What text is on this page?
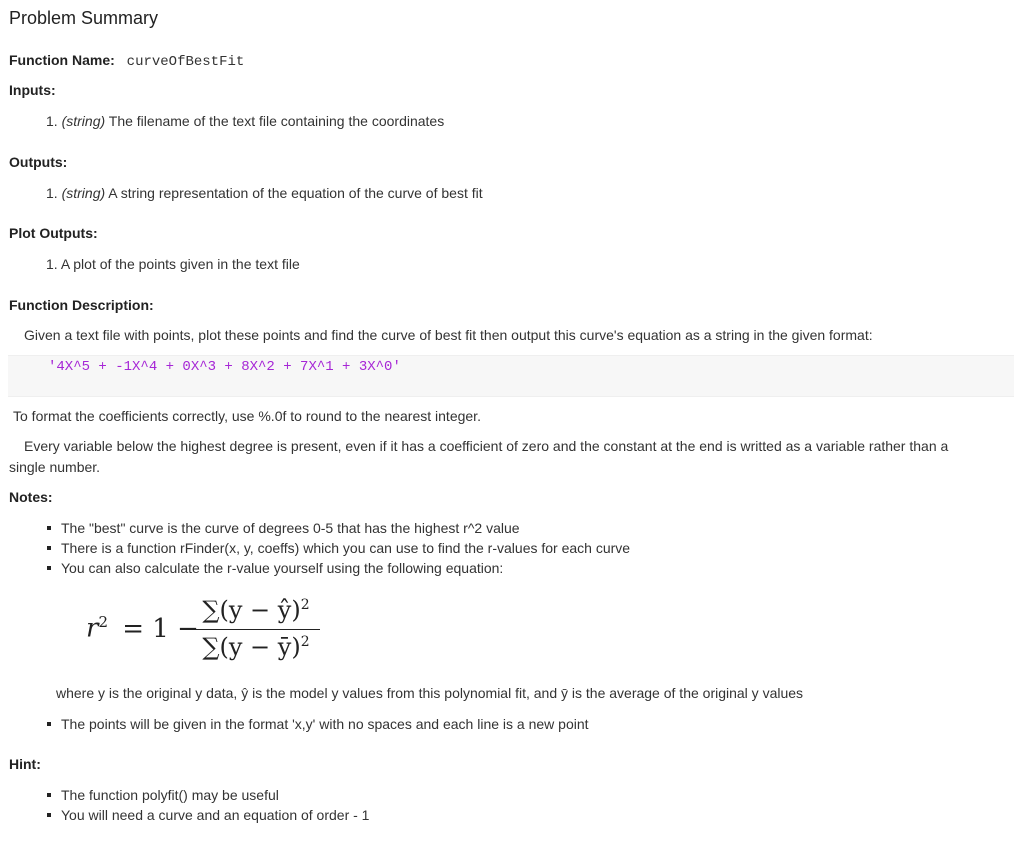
Problem Summary
Function Name: curveOfBestFit
Inputs:
1. (string) The filename of the text file containing the coordinates
Outputs:
1. (string) A string representation of the equation of the curve of best fit
Plot Outputs:
1. A plot of the points given in the text file
Function Description:
Given a text file with points, plot these points and find the curve of best fit then output this curve's equation as a string in the given format:
'4X^5 + -1X^4 + 0X^3 + 8X^2 + 7X^1 + 3X^0'
To format the coefficients correctly, use %.0f to round to the nearest integer.
Every variable below the highest degree is present, even if it has a coefficient of zero and the constant at the end is writted as a variable rather than a
single number.
Notes:
The "best" curve is the curve of degrees 0-5 that has the highest r^2 value
There is a function rFinder(x, y, coeffs) which you can use to find the r-values for each curve
You can also calculate the r-value yourself using the following equation:
$r^2 = 1$ −
∑(y − ŷ)$^2$
∑(y − ȳ)$^2$
where y is the original y data, ŷ is the model y values from this polynomial fit, and ȳ is the average of the original y values
The points will be given in the format 'x,y' with no spaces and each line is a new point
Hint:
The function polyfit() may be useful
You will need a curve and an equation of order - 1
